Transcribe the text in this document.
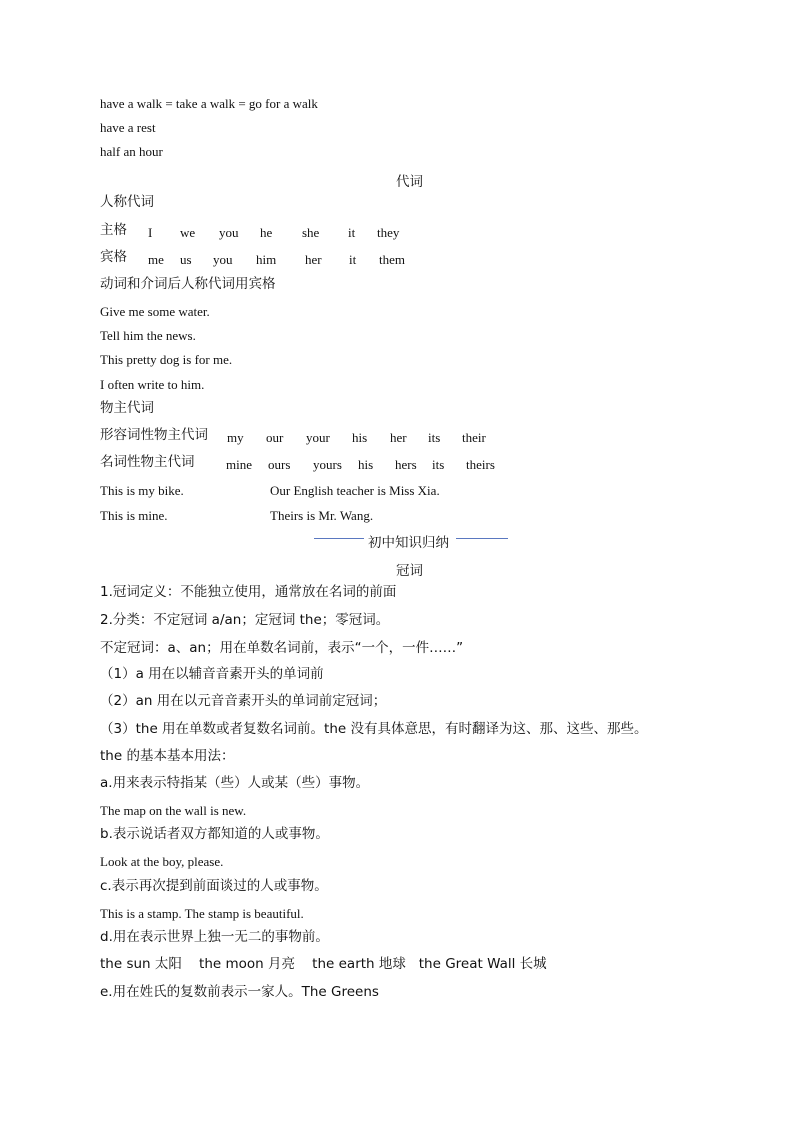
have a walk = take a walk = go for a walk
have a rest
half an hour
代词
人称代词
主格 I we you he she it they
宾格 me us you him her it them
动词和介词后人称代词用宾格
Give me some water.
Tell him the news.
This pretty dog is for me.
I often write to him.
物主代词
形容词性物主代词 my our your his her its their
名词性物主代词 mine ours yours his hers its theirs
This is my bike.	Our English teacher is Miss Xia.
This is mine.	Theirs is Mr. Wang.
初中知识归纳
冠词
1.冠词定义：不能独立使用，通常放在名词的前面
2.分类：不定冠词 a/an；定冠词 the；零冠词。
不定冠词：a、an；用在单数名词前，表示“一个，一件……”
（1）a 用在以辅音音素开头的单词前
（2）an 用在以元音音素开头的单词前定冠词；
（3）the 用在单数或者复数名词前。the 没有具体意思，有时翻译为这、那、这些、那些。
the 的基本基本用法：
a.用来表示特指某（些）人或某（些）事物。
The map on the wall is new.
b.表示说话者双方都知道的人或事物。
Look at the boy, please.
c.表示再次提到前面谈过的人或事物。
This is a stamp. The stamp is beautiful.
d.用在表示世界上独一无二的事物前。
the sun 太阳    the moon 月亮    the earth 地球   the Great Wall 长城
e.用在姓氏的复数前表示一家人。The Greens
